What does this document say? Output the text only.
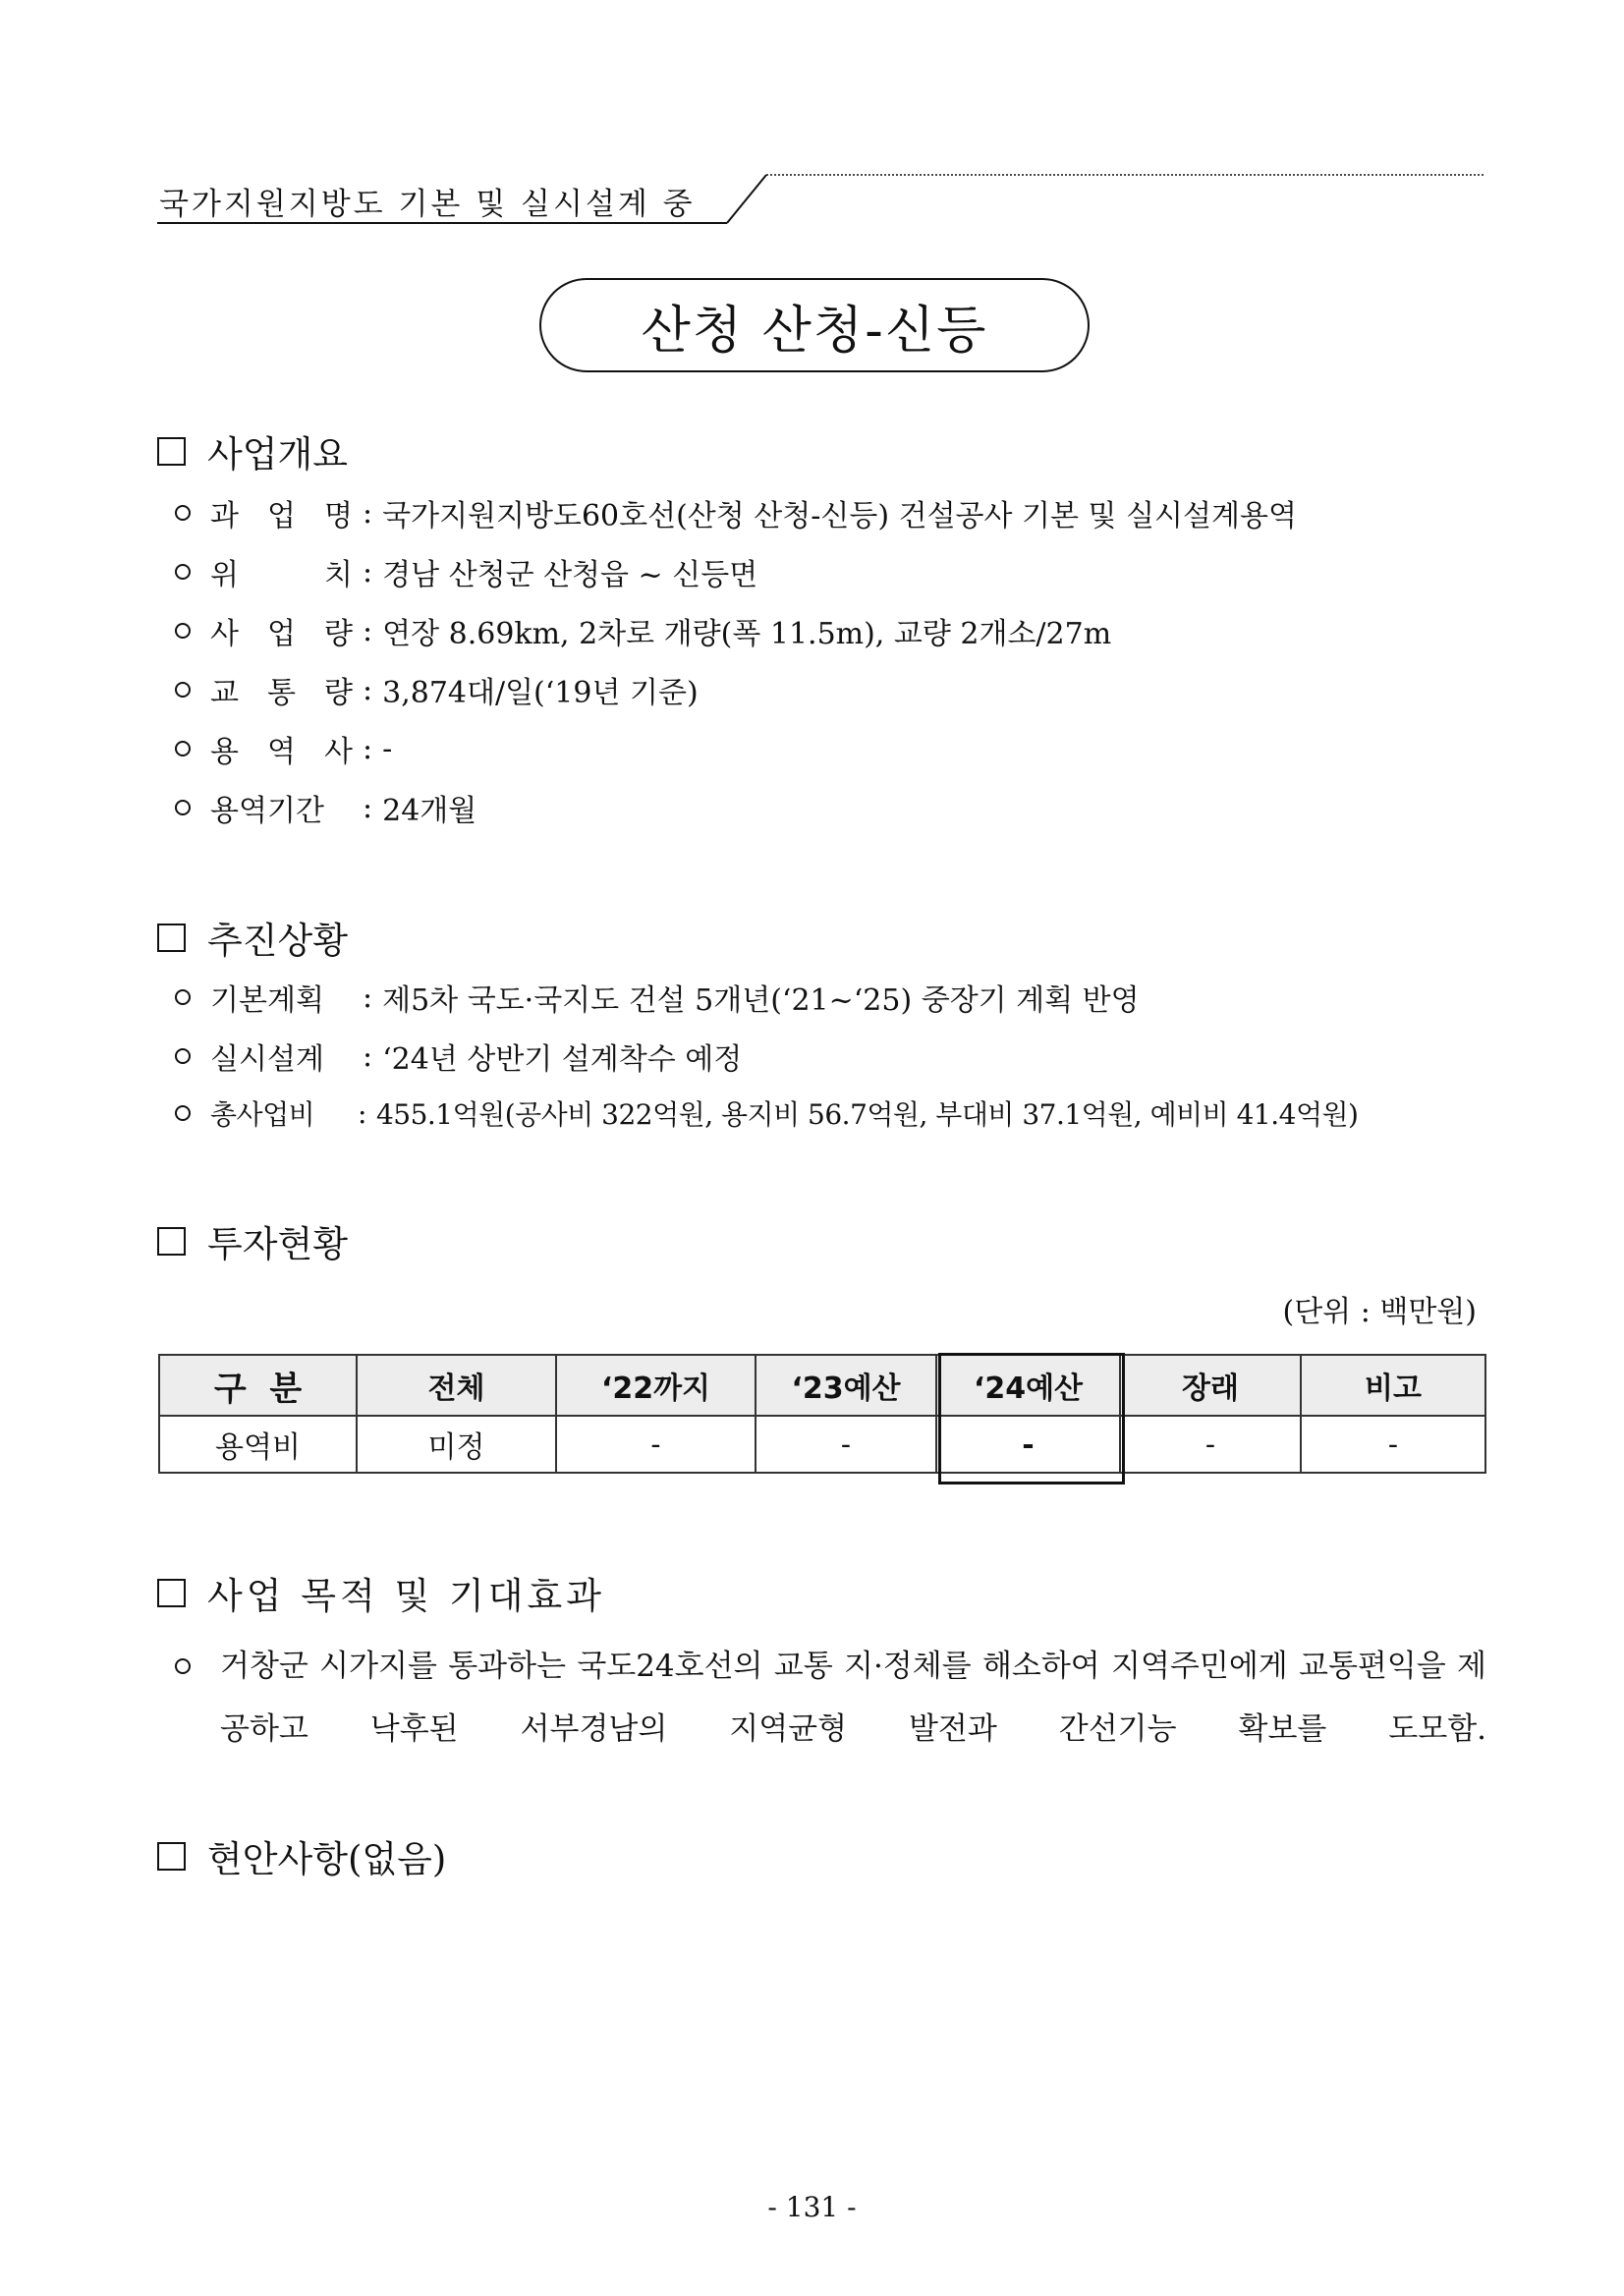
국가지원지방도 기본 및 실시설계 중
산청 산청-신등
사업개요
과 업 명 : 국가지원지방도60호선(산청 산청-신등) 건설공사 기본 및 실시설계용역
위 치 : 경남 산청군 산청읍 ~ 신등면
사 업 량 : 연장 8.69km, 2차로 개량(폭 11.5m), 교량 2개소/27m
교 통 량 : 3,874대/일(‘19년 기준)
용 역 사 : -
용역기간	: 24개월
추진상황
기본계획	: 제5차 국도·국지도 건설 5개년(‘21~‘25) 중장기 계획 반영
실시설계	: ‘24년 상반기 설계착수 예정
총사업비	: 455.1억원(공사비 322억원, 용지비 56.7억원, 부대비 37.1억원, 예비비 41.4억원)
투자현황
(단위 : 백만원)
구  분	전체	‘22까지	‘23예산	‘24예산	장래	비고
용역비	미정	-	-	-	-	-
사업 목적 및 기대효과
거창군 시가지를 통과하는 국도24호선의 교통 지·정체를 해소하여 지역주민에게 교통편익을 제공하고 낙후된 서부경남의 지역균형 발전과 간선기능 확보를 도모함.
현안사항(없음)
- 131 -
